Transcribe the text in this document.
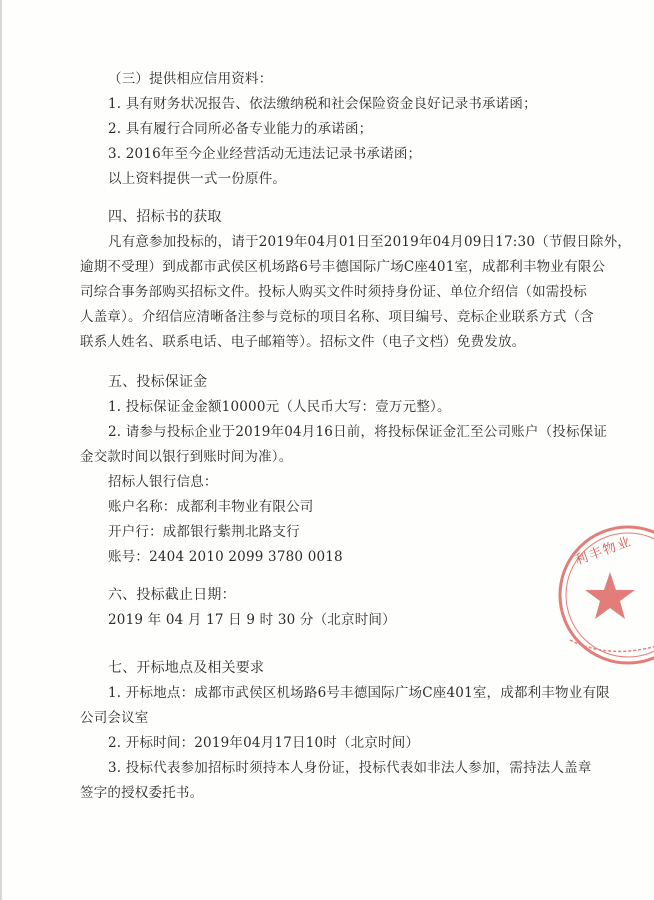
（三）提供相应信用资料：
1. 具有财务状况报告、依法缴纳税和社会保险资金良好记录书承诺函；
2. 具有履行合同所必备专业能力的承诺函；
3. 2016年至今企业经营活动无违法记录书承诺函；
以上资料提供一式一份原件。
四、招标书的获取
凡有意参加投标的，请于2019年04月01日至2019年04月09日17:30（节假日除外，
逾期不受理）到成都市武侯区机场路6号丰德国际广场C座401室，成都利丰物业有限公
司综合事务部购买招标文件。投标人购买文件时须持身份证、单位介绍信（如需投标
人盖章）。介绍信应清晰备注参与竞标的项目名称、项目编号、竞标企业联系方式（含
联系人姓名、联系电话、电子邮箱等）。招标文件（电子文档）免费发放。
五、投标保证金
1. 投标保证金金额10000元（人民币大写：壹万元整）。
2. 请参与投标企业于2019年04月16日前，将投标保证金汇至公司账户（投标保证
金交款时间以银行到账时间为准）。
招标人银行信息：
账户名称：成都利丰物业有限公司
开户行：成都银行紫荆北路支行
账号：2404 2010 2099 3780 0018
六、投标截止日期：
2019 年 04 月 17 日 9 时 30 分（北京时间）
七、开标地点及相关要求
1. 开标地点：成都市武侯区机场路6号丰德国际广场C座401室，成都利丰物业有限
公司会议室
2. 开标时间：2019年04月17日10时（北京时间）
3. 投标代表参加招标时须持本人身份证，投标代表如非法人参加，需持法人盖章
签字的授权委托书。
利丰物业
